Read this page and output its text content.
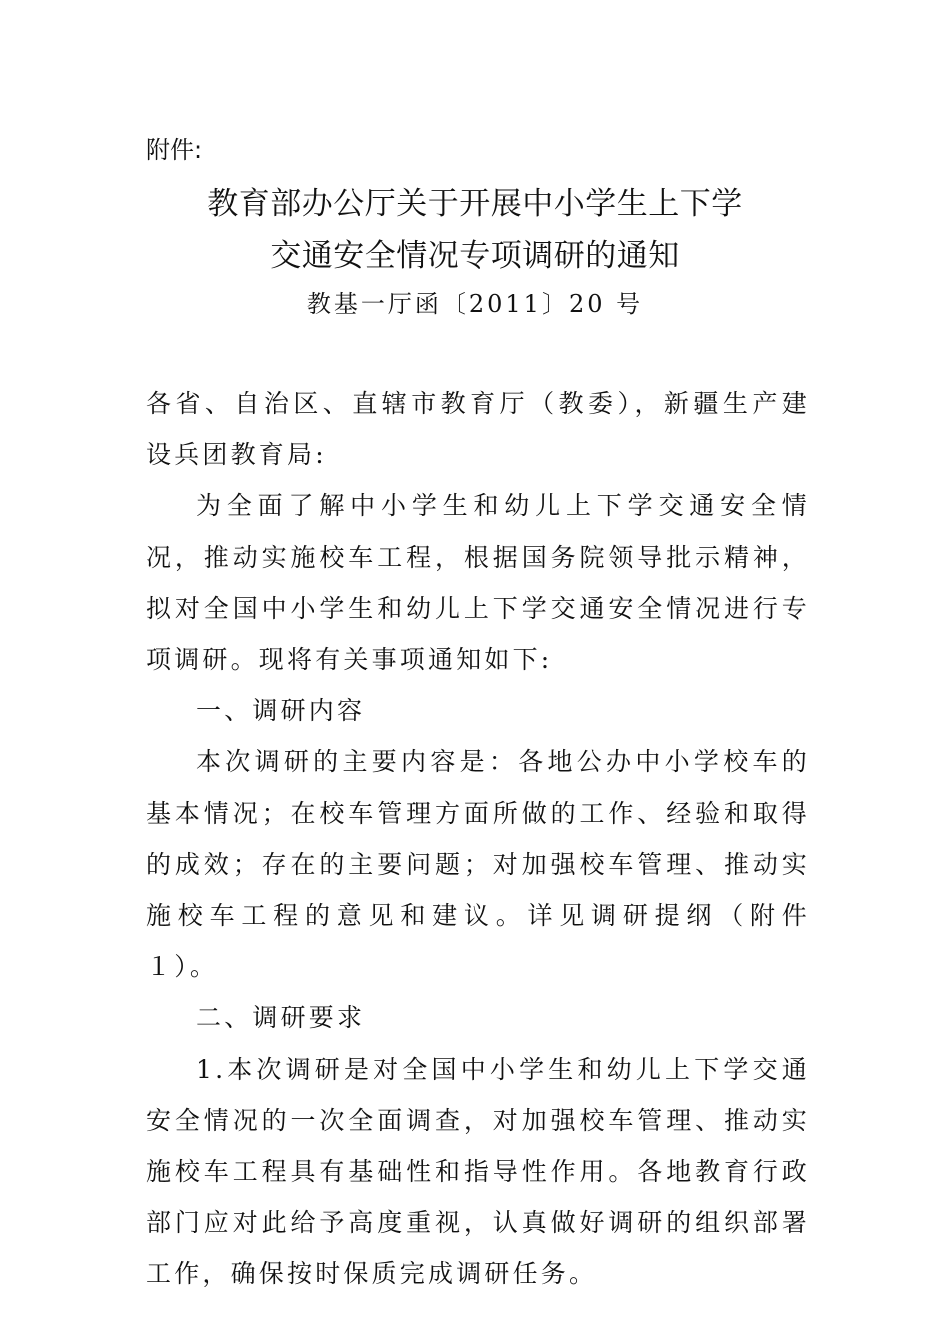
附件:
教育部办公厅关于开展中小学生上下学
交通安全情况专项调研的通知
教基一厅函〔2011〕20 号

各省、自治区、直辖市教育厅（教委），新疆生产建设兵团教育局:

为全面了解中小学生和幼儿上下学交通安全情况，推动实施校车工程，根据国务院领导批示精神，拟对全国中小学生和幼儿上下学交通安全情况进行专项调研。现将有关事项通知如下:

一、调研内容

本次调研的主要内容是：各地公办中小学校车的基本情况；在校车管理方面所做的工作、经验和取得的成效；存在的主要问题；对加强校车管理、推动实施校车工程的意见和建议。详见调研提纲（附件１）。

二、调研要求

1.本次调研是对全国中小学生和幼儿上下学交通安全情况的一次全面调查，对加强校车管理、推动实施校车工程具有基础性和指导性作用。各地教育行政部门应对此给予高度重视，认真做好调研的组织部署工作，确保按时保质完成调研任务。
